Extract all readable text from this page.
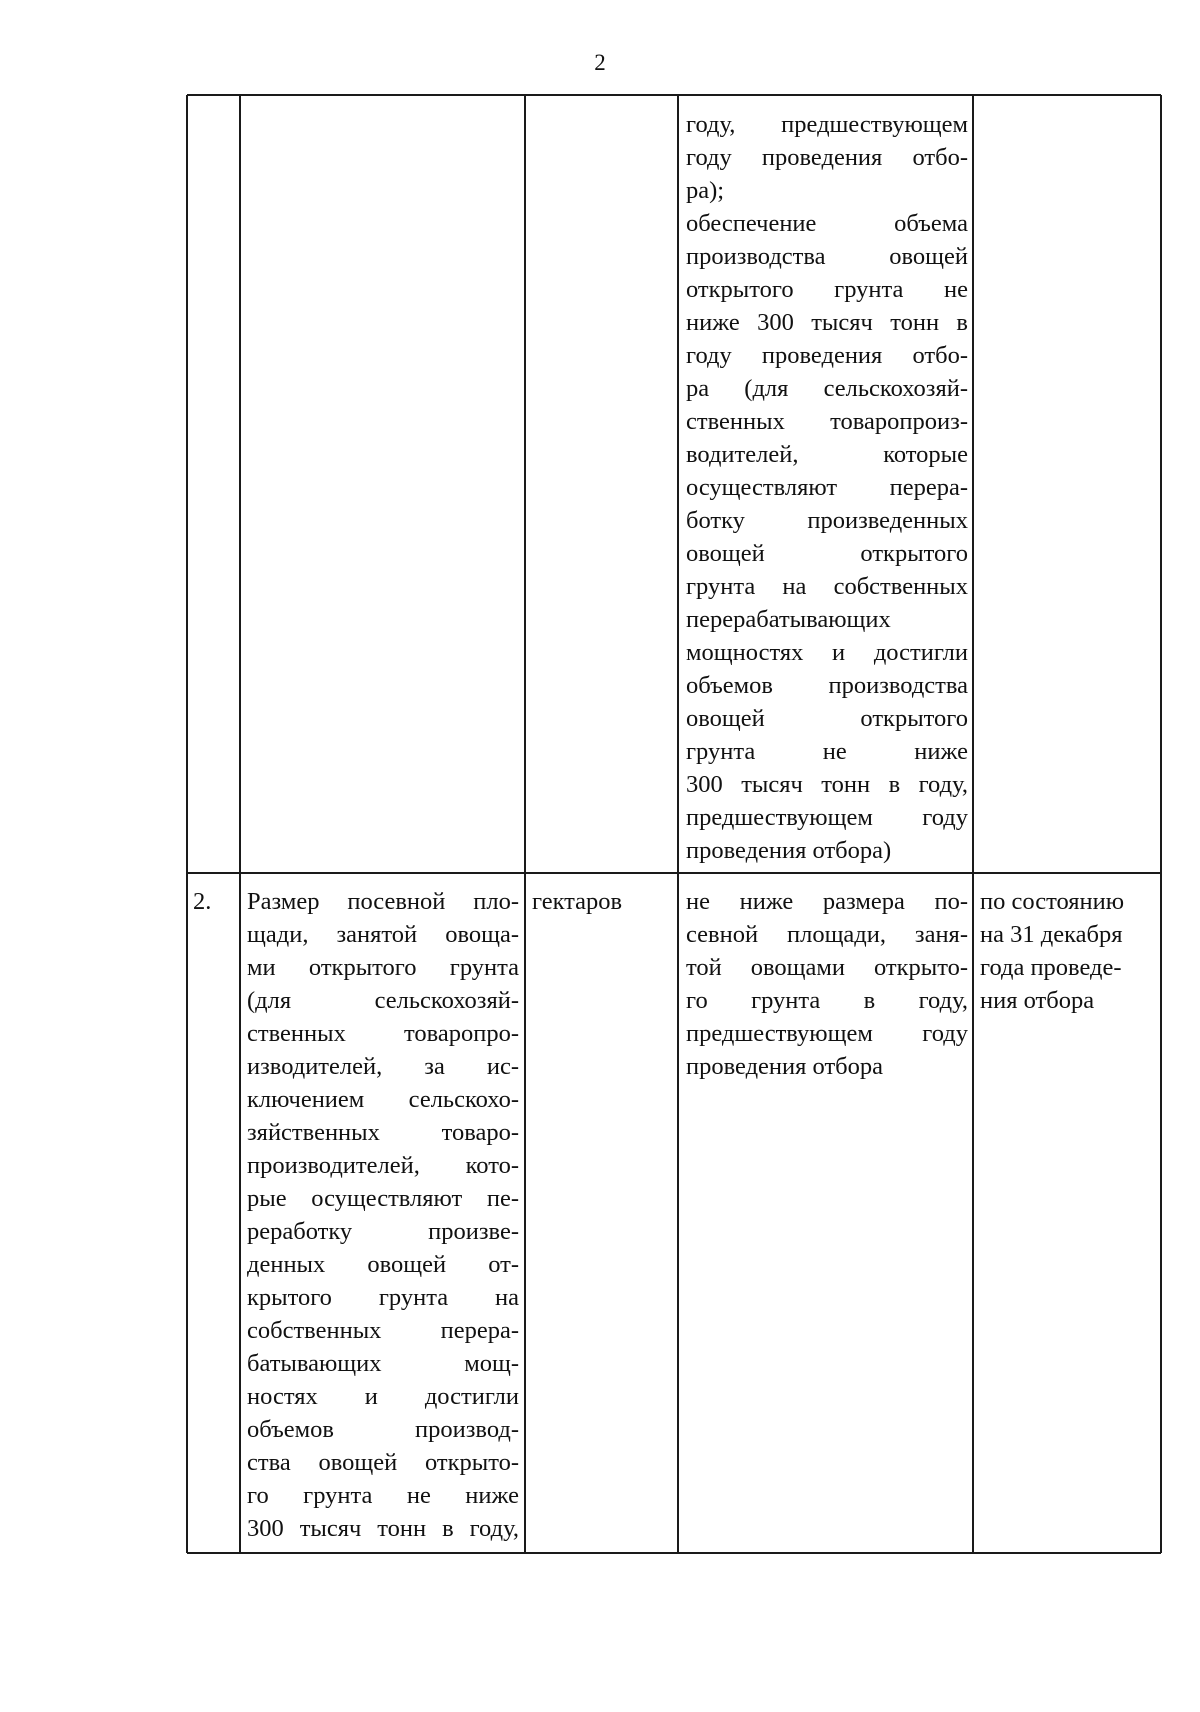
2
году, предшествующем
году проведения отбо-
ра);
обеспечение объема
производства овощей
открытого грунта не
ниже 300 тысяч тонн в
году проведения отбо-
ра (для сельскохозяй-
ственных товаропроиз-
водителей, которые
осуществляют перера-
ботку произведенных
овощей открытого
грунта на собственных
перерабатывающих
мощностях и достигли
объемов производства
овощей открытого
грунта не ниже
300 тысяч тонн в году,
предшествующем году
проведения отбора)
2.	Размер посевной пло-
щади, занятой овоща-
ми открытого грунта
(для сельскохозяй-
ственных товаропро-
изводителей, за ис-
ключением сельскохо-
зяйственных товаро-
производителей, кото-
рые осуществляют пе-
реработку произве-
денных овощей от-
крытого грунта на
собственных перера-
батывающих мощ-
ностях и достигли
объемов производ-
ства овощей открыто-
го грунта не ниже
300 тысяч тонн в году,
гектаров	не ниже размера по-
севной площади, заня-
той овощами открыто-
го грунта в году,
предшествующем году
проведения отбора
по состоянию
на 31 декабря
года проведе-
ния отбора
